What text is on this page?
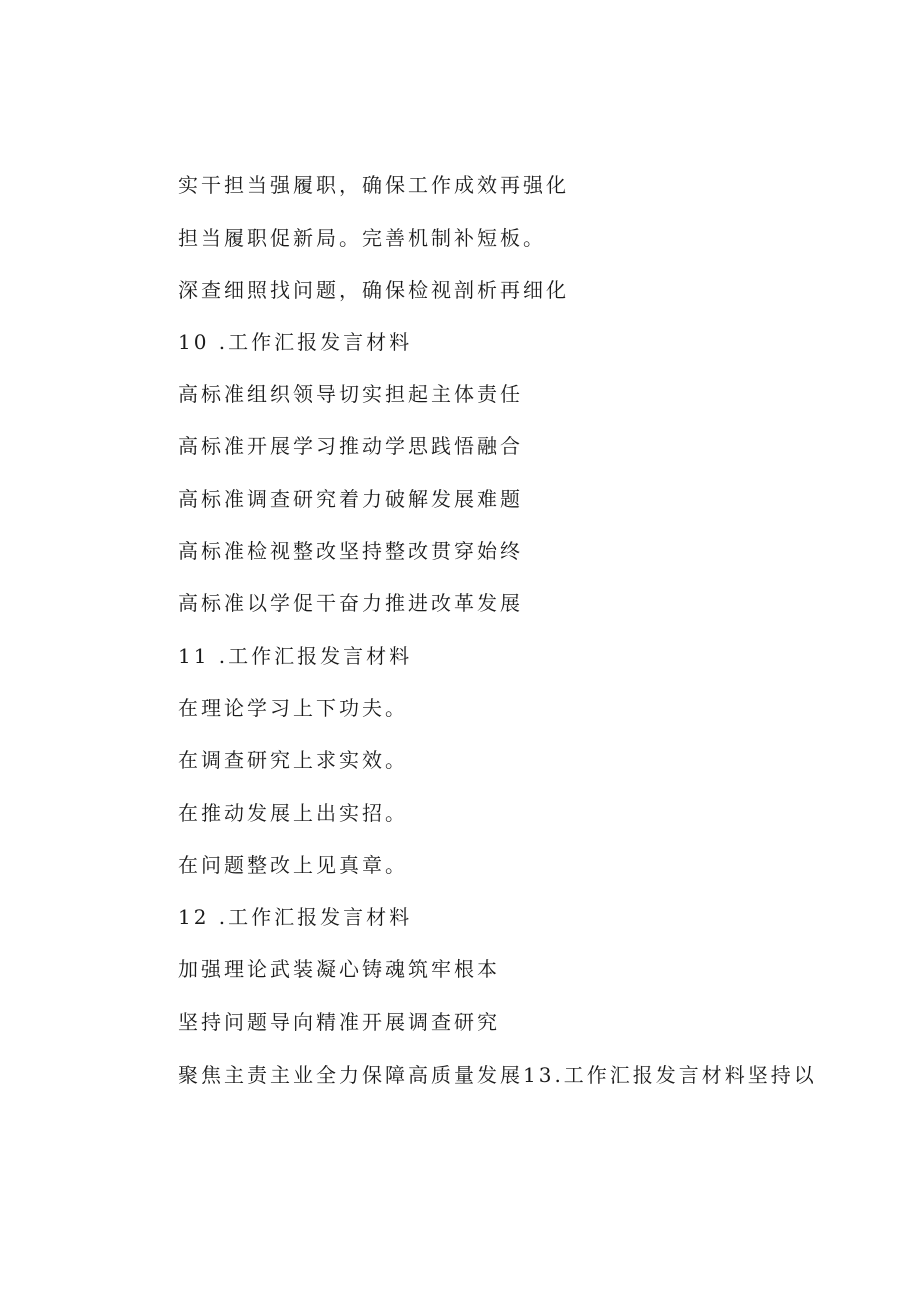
实干担当强履职，确保工作成效再强化
担当履职促新局。完善机制补短板。
深查细照找问题，确保检视剖析再细化
10 .工作汇报发言材料
高标准组织领导切实担起主体责任
高标准开展学习推动学思践悟融合
高标准调查研究着力破解发展难题
高标准检视整改坚持整改贯穿始终
高标准以学促干奋力推进改革发展
11 .工作汇报发言材料
在理论学习上下功夫。
在调查研究上求实效。
在推动发展上出实招。
在问题整改上见真章。
12 .工作汇报发言材料
加强理论武装凝心铸魂筑牢根本
坚持问题导向精准开展调查研究
聚焦主责主业全力保障高质量发展13.工作汇报发言材料坚持以
